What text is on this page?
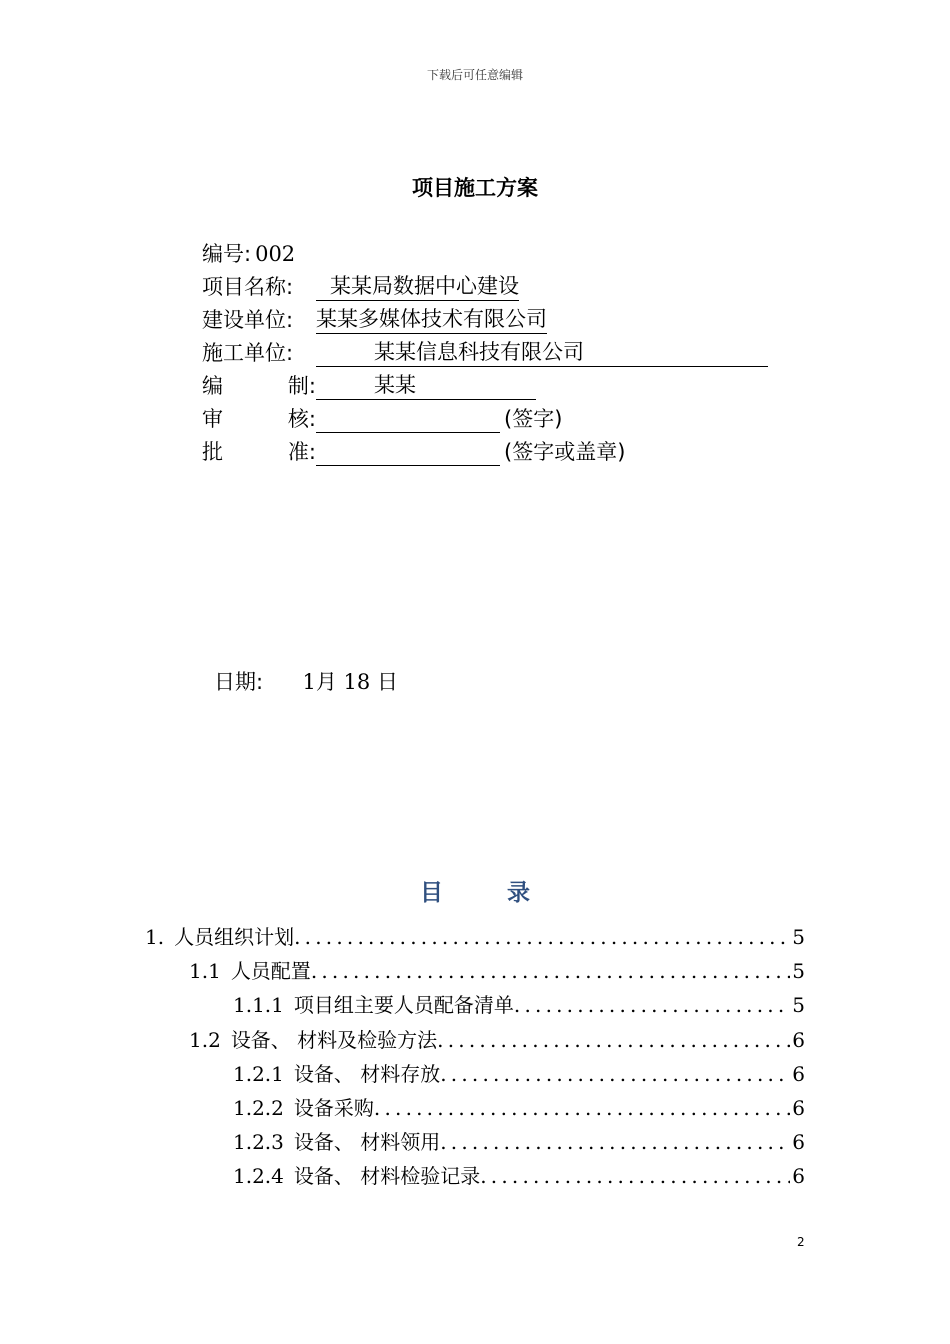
下载后可任意编辑
项目施工方案
编号: 002
项目名称:	某某局数据中心建设
建设单位:	某某多媒体技术有限公司
施工单位:	某某信息科技有限公司
编	制:	某某
审	核:	(签字)
批	准:	(签字或盖章)
日期: 1月 18 日
目	录
1. 人员组织计划 .....	5
1.1 人员配置 .....	5
1.1.1 项目组主要人员配备清单 .....	5
1.2 设备、 材料及检验方法 .....	6
1.2.1 设备、 材料存放 .....	6
1.2.2 设备采购 .....	6
1.2.3 设备、 材料领用 .....	6
1.2.4 设备、 材料检验记录 .....	6
2
